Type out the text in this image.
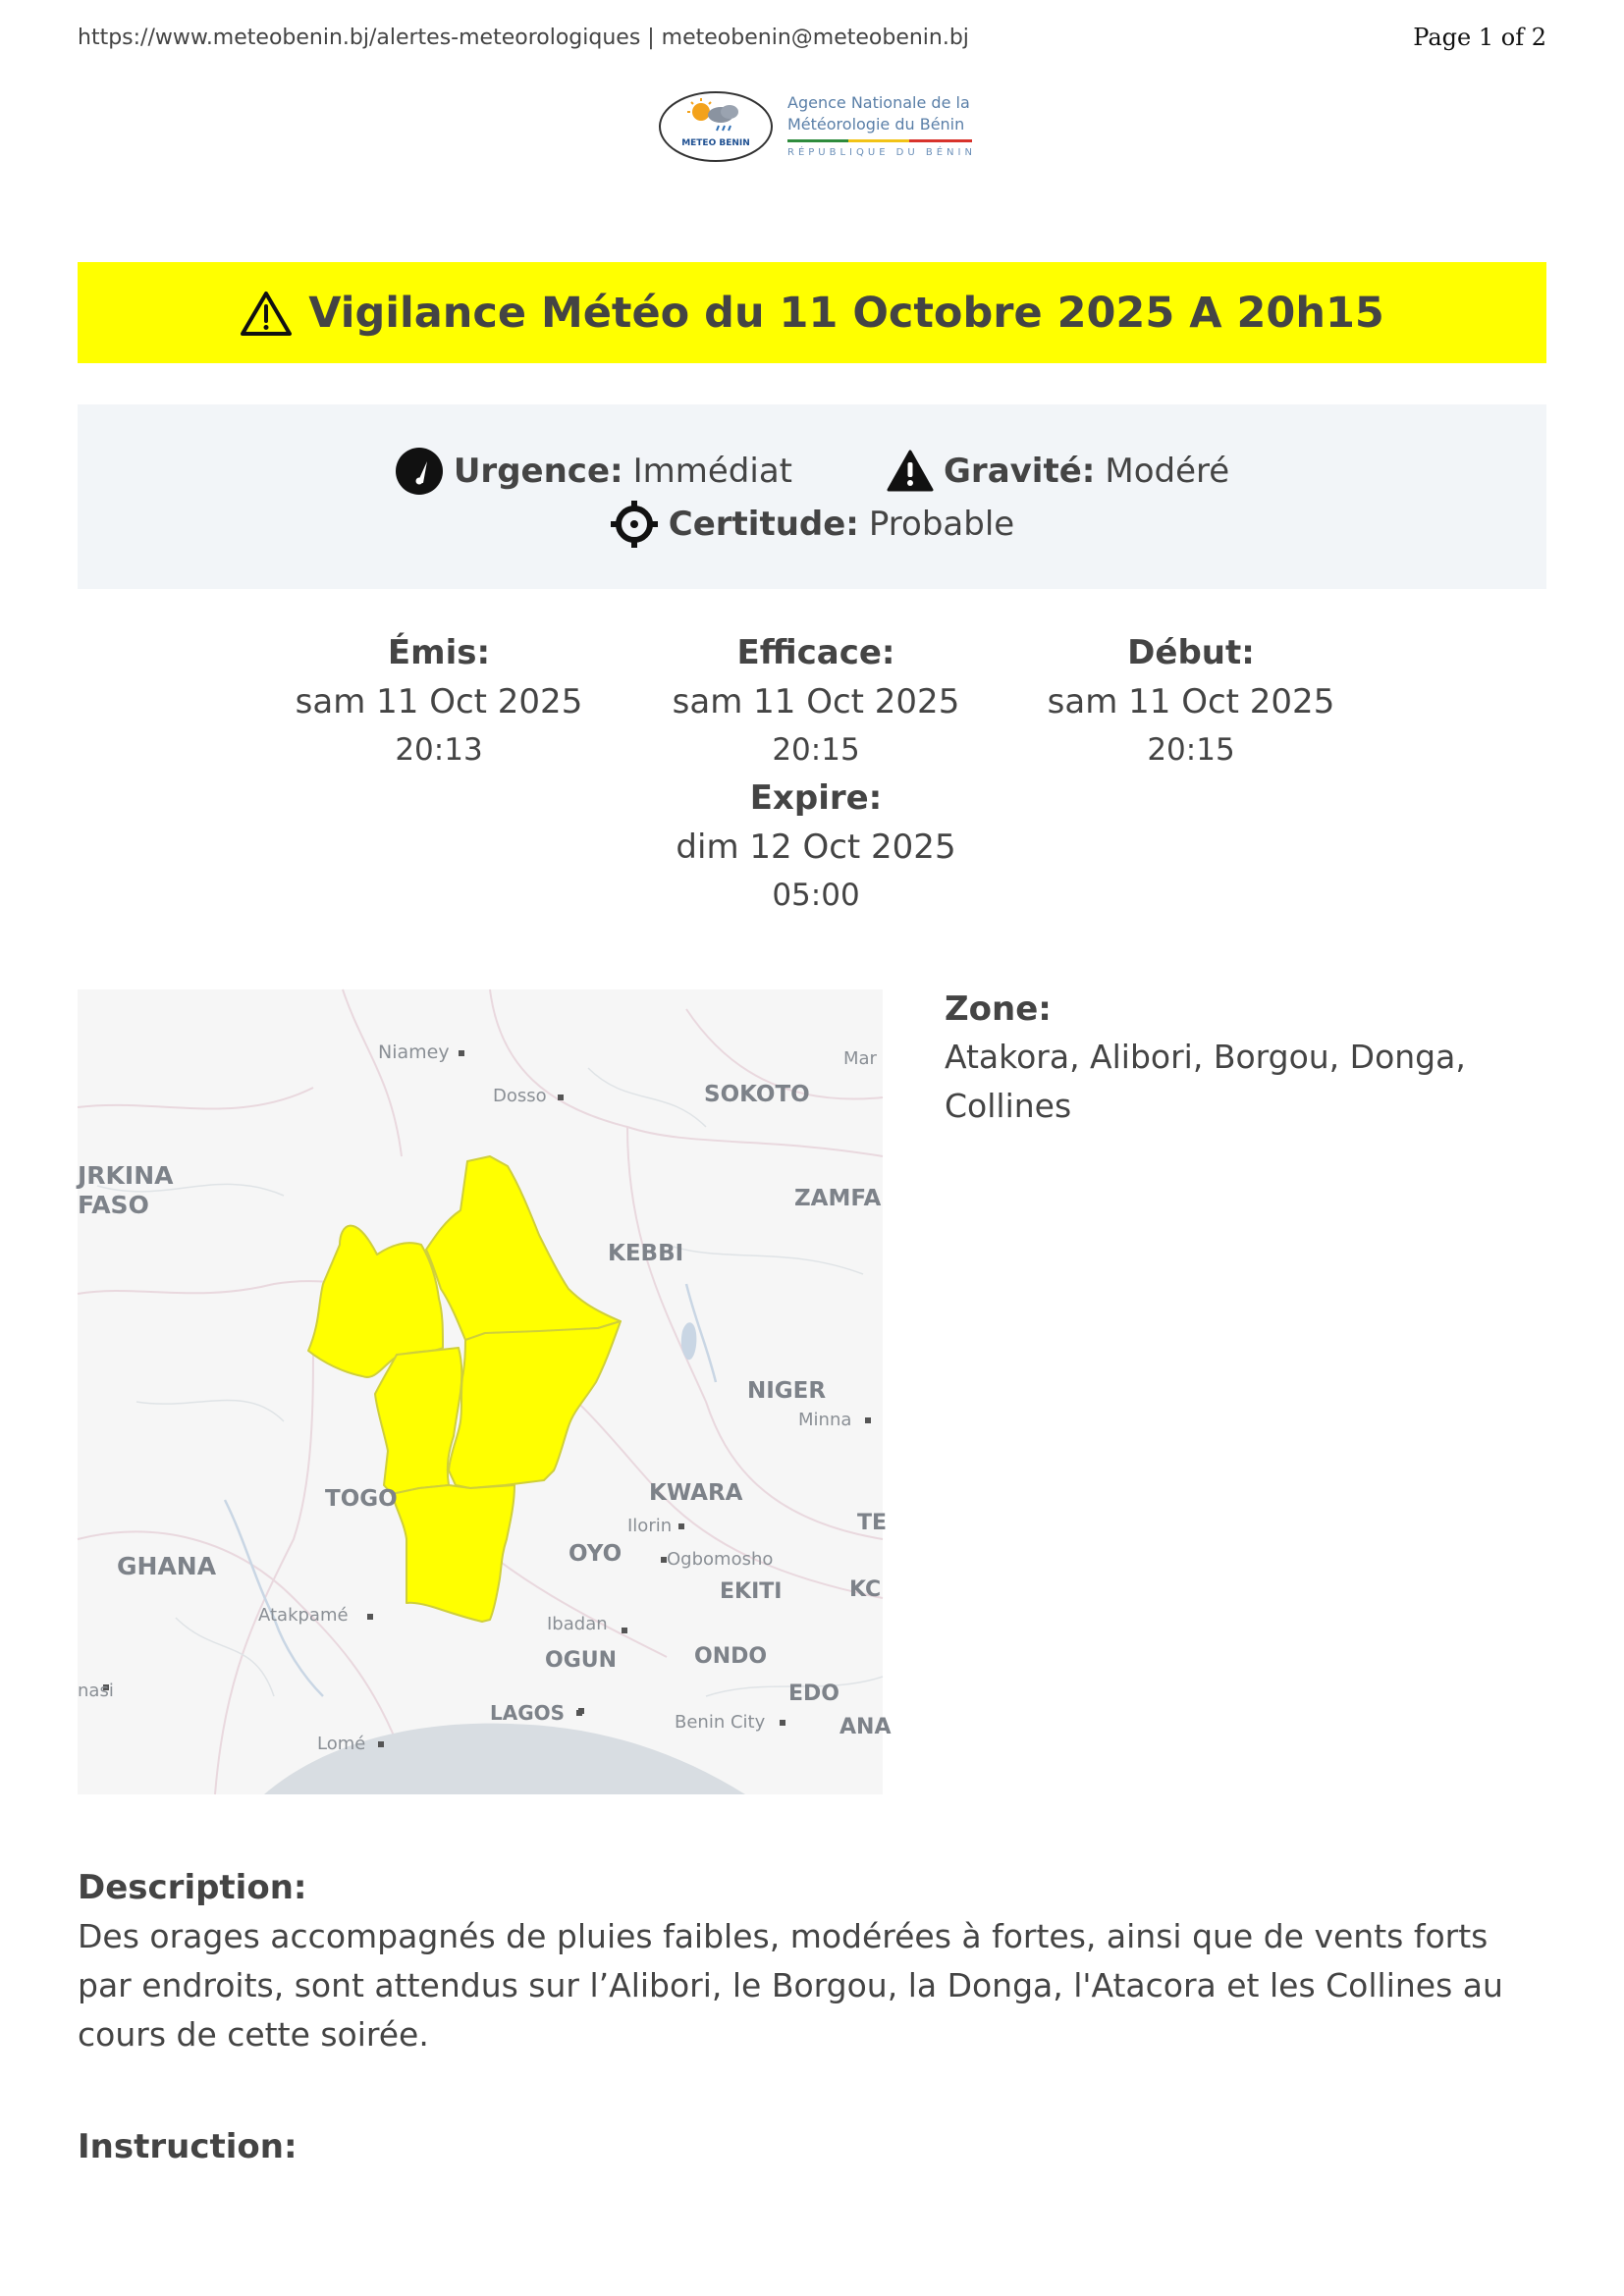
https://www.meteobenin.bj/alertes-meteorologiques | meteobenin@meteobenin.bj	Page 1 of 2
METEO BENIN
Agence Nationale de la
Météorologie du Bénin
RÉPUBLIQUE DU BÉNIN
Vigilance Météo du 11 Octobre 2025 A 20h15
Urgence: Immédiat	Gravité: Modéré
Certitude: Probable
Émis:
sam 11 Oct 2025
20:13
Efficace:
sam 11 Oct 2025
20:15
Début:
sam 11 Oct 2025
20:15
Expire:
dim 12 Oct 2025
05:00
Niamey
Dosso	SOKOTO
Mar
JRKINA
FASO	ZAMFA
KEBBI
NIGER
Minna
TOGO	KWARA
Ilorin
OYO	Ogbomosho
GHANA
EKITI	KC
TE
Atakpamé	Ibadan
OGUN	ONDO
nasi	EDO
LAGOS	Benin City	ANA
Lomé
Zone:
Atakora, Alibori, Borgou, Donga,
Collines
Description:
Des orages accompagnés de pluies faibles, modérées à fortes, ainsi que de vents forts
par endroits, sont attendus sur l’Alibori, le Borgou, la Donga, l'Atacora et les Collines au
cours de cette soirée.
Instruction:
